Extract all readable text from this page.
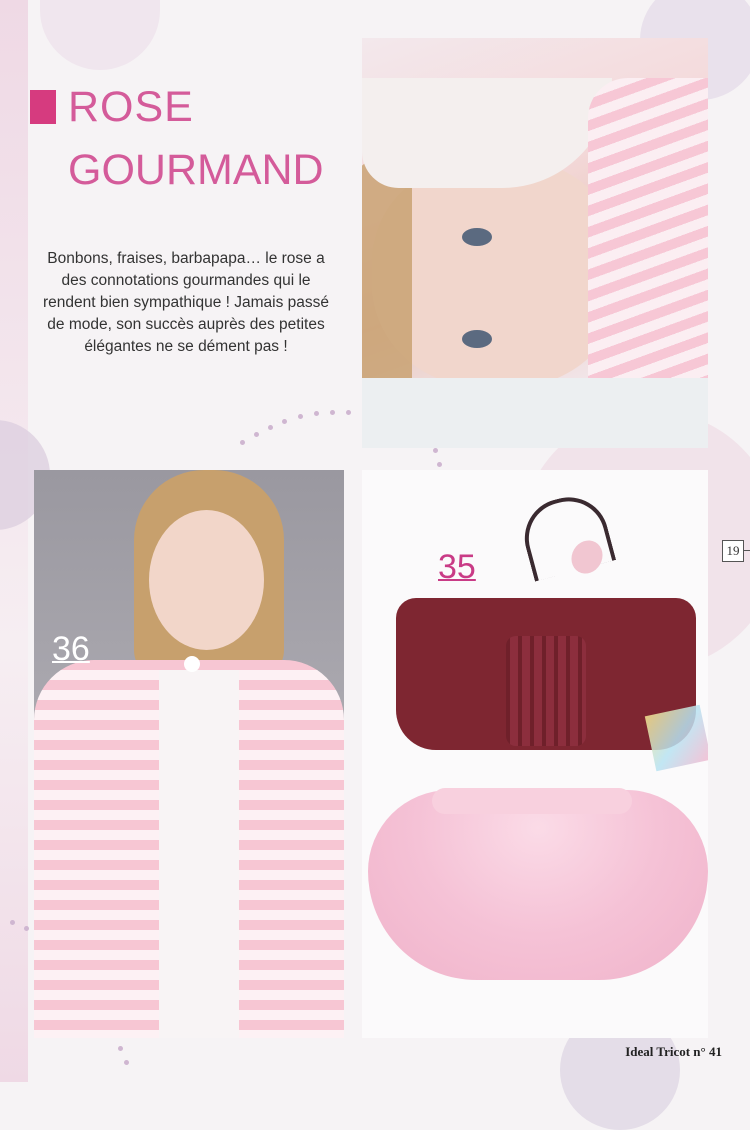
ROSE
GOURMAND

Bonbons, fraises, barbapapa… le rose a des connotations gourmandes qui le rendent bien sympathique ! Jamais passé de mode, son succès auprès des petites élégantes ne se dément pas !

36
35	19
Ideal Tricot n° 41
